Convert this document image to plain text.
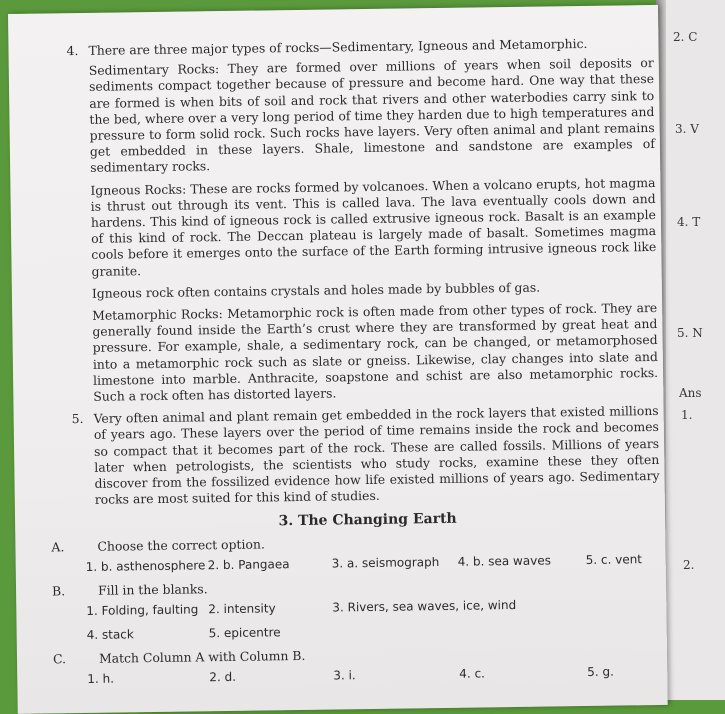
2. C
3. V
4. T
5. N
Ans
1.
2.
4. There are three major types of rocks—Sedimentary, Igneous and Metamorphic.

Sedimentary Rocks: They are formed over millions of years when soil deposits or sediments compact together because of pressure and become hard. One way that these are formed is when bits of soil and rock that rivers and other waterbodies carry sink to the bed, where over a very long period of time they harden due to high temperatures and pressure to form solid rock. Such rocks have layers. Very often animal and plant remains get embedded in these layers. Shale, limestone and sandstone are examples of sedimentary rocks.

Igneous Rocks: These are rocks formed by volcanoes. When a volcano erupts, hot magma is thrust out through its vent. This is called lava. The lava eventually cools down and hardens. This kind of igneous rock is called extrusive igneous rock. Basalt is an example of this kind of rock. The Deccan plateau is largely made of basalt. Sometimes magma cools before it emerges onto the surface of the Earth forming intrusive igneous rock like granite.

Igneous rock often contains crystals and holes made by bubbles of gas.

Metamorphic Rocks: Metamorphic rock is often made from other types of rock. They are generally found inside the Earth’s crust where they are transformed by great heat and pressure. For example, shale, a sedimentary rock, can be changed, or metamorphosed into a metamorphic rock such as slate or gneiss. Likewise, clay changes into slate and limestone into marble. Anthracite, soapstone and schist are also metamorphic rocks. Such a rock often has distorted layers.

5. Very often animal and plant remain get embedded in the rock layers that existed millions of years ago. These layers over the period of time remains inside the rock and becomes so compact that it becomes part of the rock. These are called fossils. Millions of years later when petrologists, the scientists who study rocks, examine these they often discover from the fossilized evidence how life existed millions of years ago. Sedimentary rocks are most suited for this kind of studies.

3. The Changing Earth
A.	Choose the correct option.
1. b. asthenosphere 2. b. Pangaea	3. a. seismograph 4. b. sea waves	5. c. vent
B.	Fill in the blanks.
1. Folding, faulting 2. intensity	3. Rivers, sea waves, ice, wind
4. stack	5. epicentre
C.	Match Column A with Column B.
1. h.	2. d.	3. i.	4. c.	5. g.
